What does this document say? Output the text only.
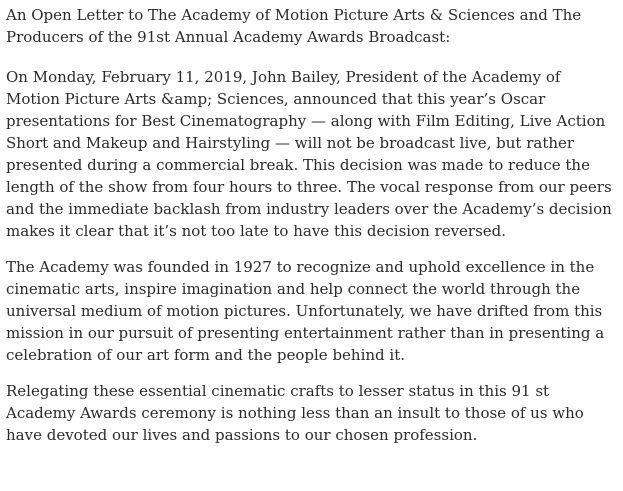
An Open Letter to The Academy of Motion Picture Arts & Sciences and The Producers of the 91st Annual Academy Awards Broadcast:

On Monday, February 11, 2019, John Bailey, President of the Academy of Motion Picture Arts &amp; Sciences, announced that this year’s Oscar presentations for Best Cinematography — along with Film Editing, Live Action Short and Makeup and Hairstyling — will not be broadcast live, but rather presented during a commercial break. This decision was made to reduce the length of the show from four hours to three. The vocal response from our peers and the immediate backlash from industry leaders over the Academy’s decision makes it clear that it’s not too late to have this decision reversed.

The Academy was founded in 1927 to recognize and uphold excellence in the cinematic arts, inspire imagination and help connect the world through the universal medium of motion pictures. Unfortunately, we have drifted from this mission in our pursuit of presenting entertainment rather than in presenting a celebration of our art form and the people behind it.

Relegating these essential cinematic crafts to lesser status in this 91 st Academy Awards ceremony is nothing less than an insult to those of us who have devoted our lives and passions to our chosen profession.
